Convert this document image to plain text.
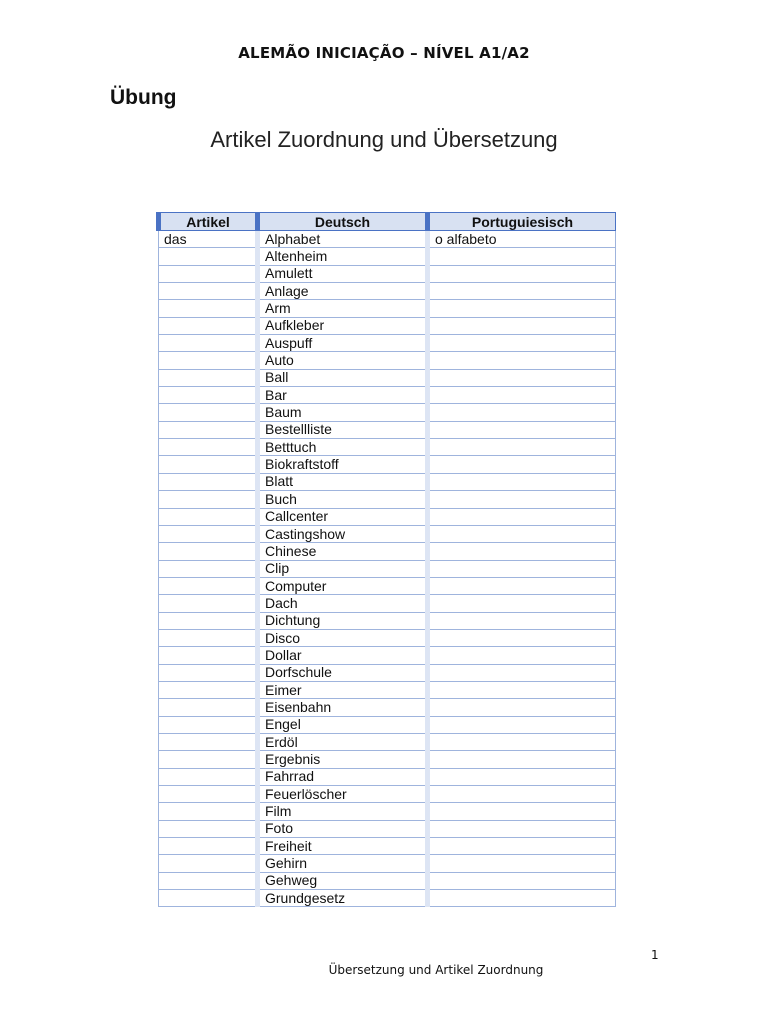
ALEMÃO INICIAÇÃO – NÍVEL A1/A2
Übung
Artikel Zuordnung und Übersetzung
Artikel	Deutsch	Portuguiesisch
das	Alphabet	o alfabeto
	Altenheim	
	Amulett	
	Anlage	
	Arm	
	Aufkleber	
	Auspuff	
	Auto	
	Ball	
	Bar	
	Baum	
	Bestellliste	
	Betttuch	
	Biokraftstoff	
	Blatt	
	Buch	
	Callcenter	
	Castingshow	
	Chinese	
	Clip	
	Computer	
	Dach	
	Dichtung	
	Disco	
	Dollar	
	Dorfschule	
	Eimer	
	Eisenbahn	
	Engel	
	Erdöl	
	Ergebnis	
	Fahrrad	
	Feuerlöscher	
	Film	
	Foto	
	Freiheit	
	Gehirn	
	Gehweg	
	Grundgesetz	
1
Übersetzung und Artikel Zuordnung
